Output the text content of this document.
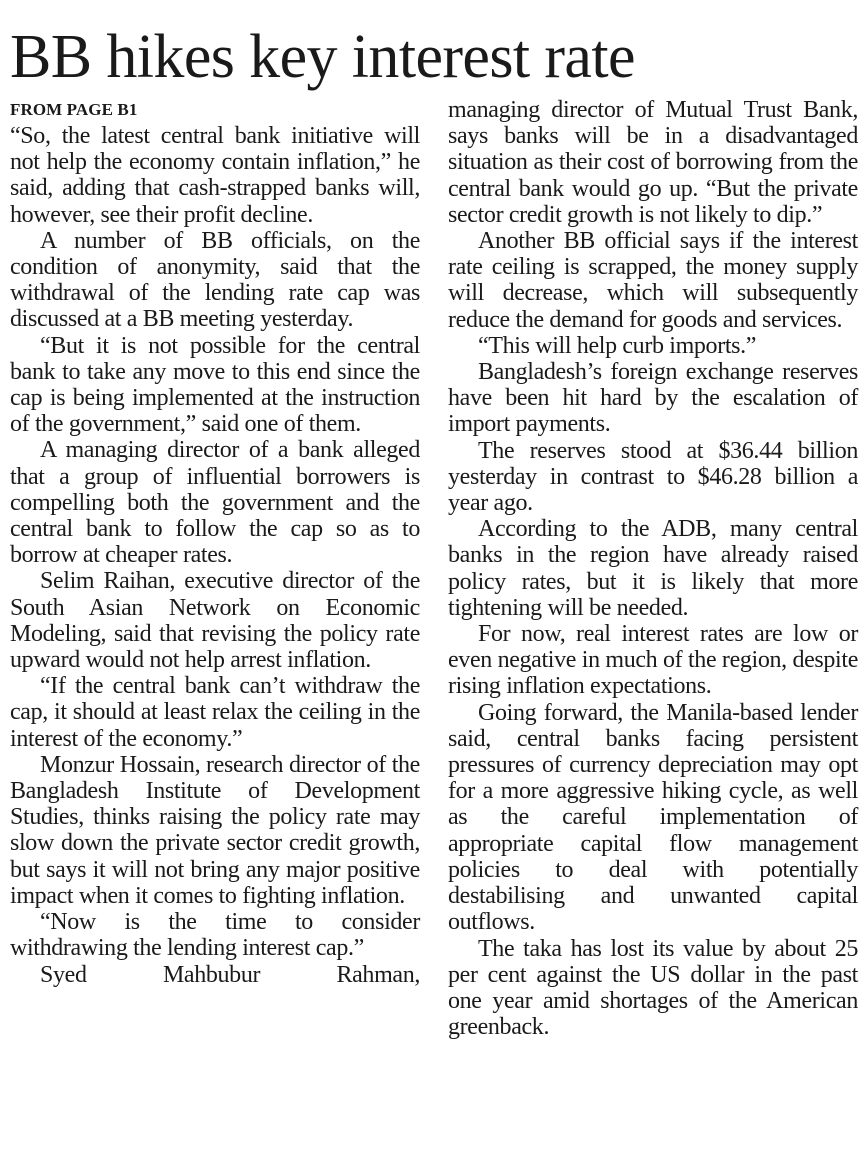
BB hikes key interest rate
FROM PAGE B1

“So, the latest central bank initiative will not help the economy contain inflation,” he said, adding that cash-strapped banks will, however, see their profit decline.

A number of BB officials, on the condition of anonymity, said that the withdrawal of the lending rate cap was discussed at a BB meeting yesterday.

“But it is not possible for the central bank to take any move to this end since the cap is being implemented at the instruction of the government,” said one of them.

A managing director of a bank alleged that a group of influential borrowers is compelling both the government and the central bank to follow the cap so as to borrow at cheaper rates.

Selim Raihan, executive director of the South Asian Network on Economic Modeling, said that revising the policy rate upward would not help arrest inflation.

“If the central bank can’t withdraw the cap, it should at least relax the ceiling in the interest of the economy.”

Monzur Hossain, research director of the Bangladesh Institute of Development Studies, thinks raising the policy rate may slow down the private sector credit growth, but says it will not bring any major positive impact when it comes to fighting inflation.

“Now is the time to consider withdrawing the lending interest cap.”

Syed Mahbubur Rahman,

managing director of Mutual Trust Bank, says banks will be in a disadvantaged situation as their cost of borrowing from the central bank would go up. “But the private sector credit growth is not likely to dip.”

Another BB official says if the interest rate ceiling is scrapped, the money supply will decrease, which will subsequently reduce the demand for goods and services.

“This will help curb imports.”

Bangladesh’s foreign exchange reserves have been hit hard by the escalation of import payments.

The reserves stood at $36.44 billion yesterday in contrast to $46.28 billion a year ago.

According to the ADB, many central banks in the region have already raised policy rates, but it is likely that more tightening will be needed.

For now, real interest rates are low or even negative in much of the region, despite rising inflation expectations.

Going forward, the Manila-based lender said, central banks facing persistent pressures of currency depreciation may opt for a more aggressive hiking cycle, as well as the careful implementation of appropriate capital flow management policies to deal with potentially destabilising and unwanted capital outflows.

The taka has lost its value by about 25 per cent against the US dollar in the past one year amid shortages of the American greenback.
